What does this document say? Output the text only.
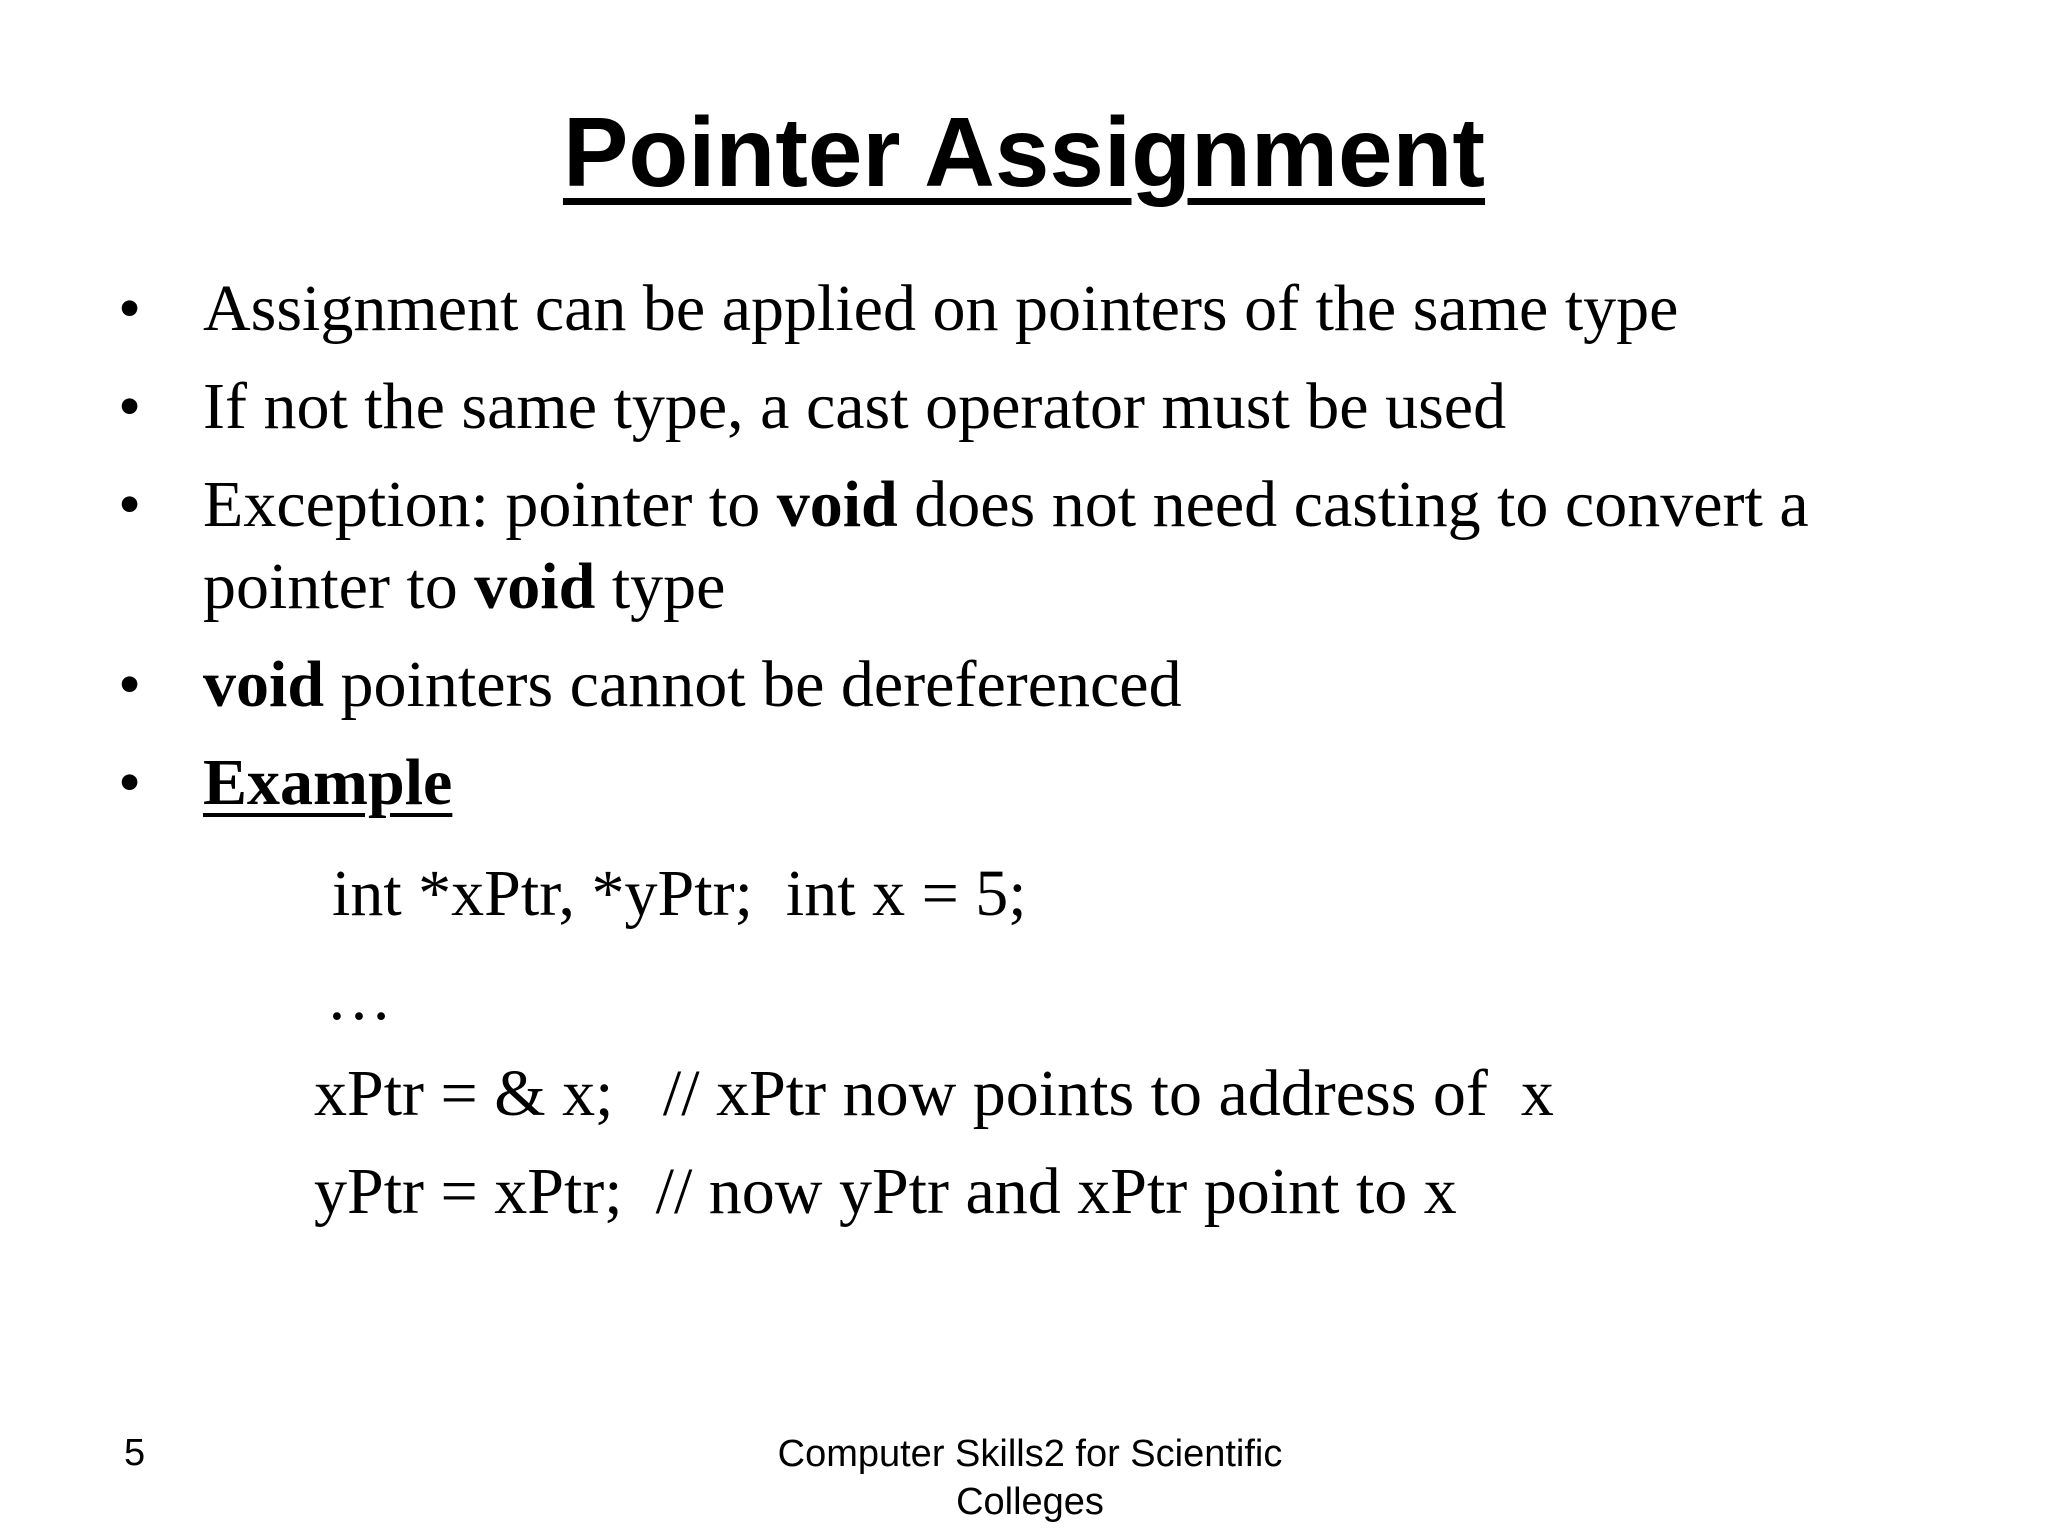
Pointer Assignment
• Assignment can be applied on pointers of the same type
• If not the same type, a cast operator must be used
• Exception: pointer to void does not need casting to convert a pointer to void type
• void pointers cannot be dereferenced
• Example
int *xPtr, *yPtr;  int x = 5;
…
xPtr = & x;   // xPtr now points to address of  x
yPtr = xPtr;  // now yPtr and xPtr point to x
5	Computer Skills2 for Scientific
Colleges
